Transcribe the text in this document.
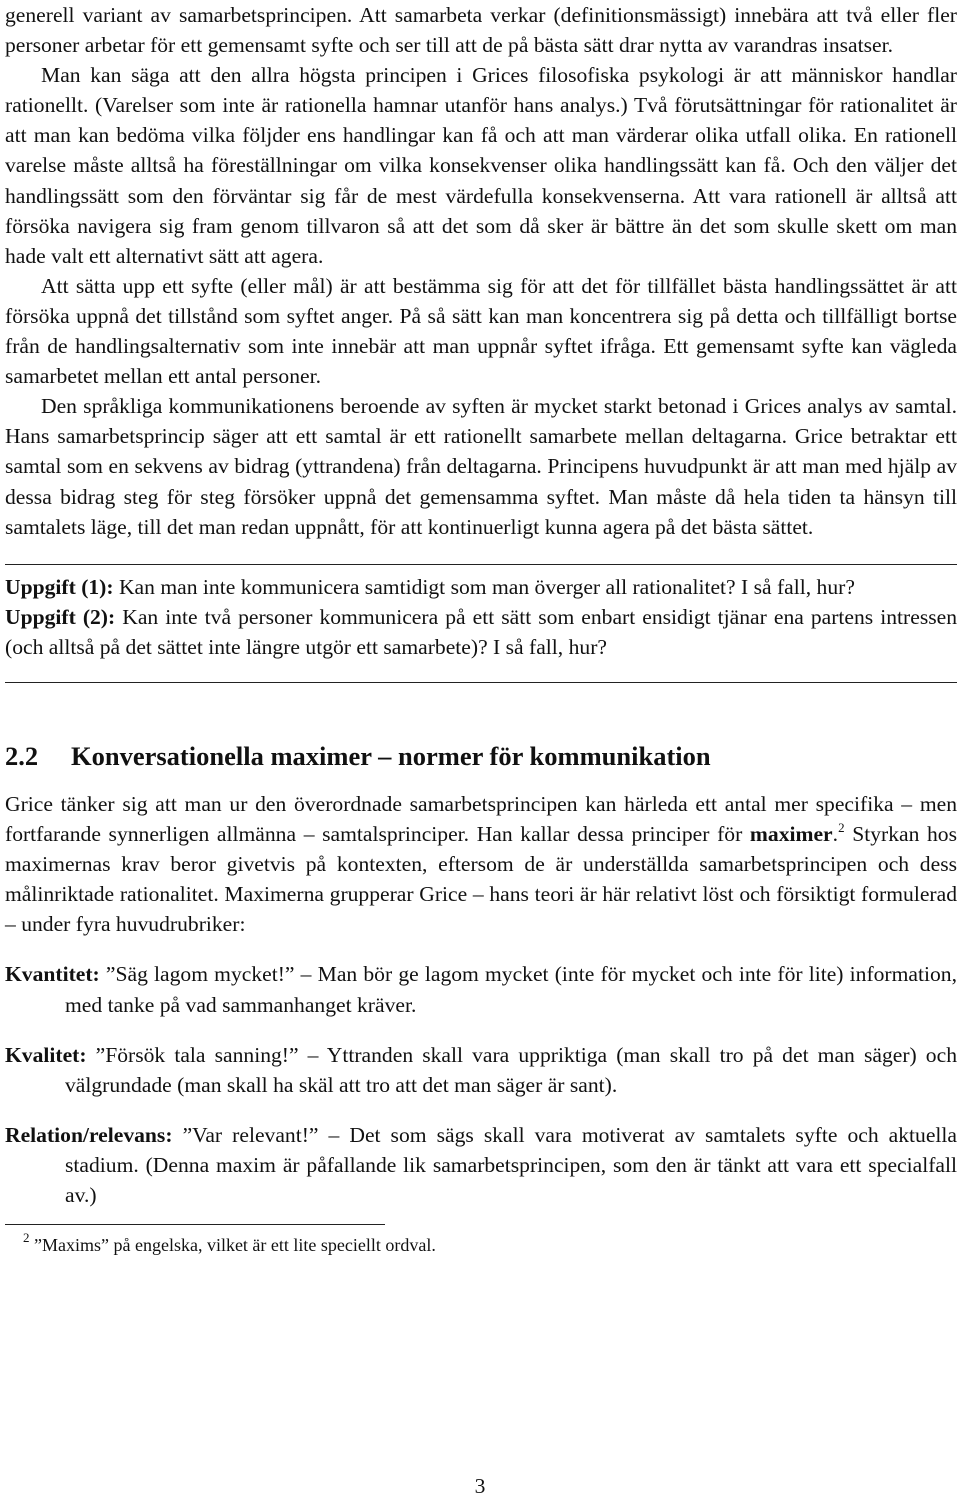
generell variant av samarbetsprincipen. Att samarbeta verkar (definitionsmässigt) innebära att två eller fler personer arbetar för ett gemensamt syfte och ser till att de på bästa sätt drar nytta av varandras insatser.

Man kan säga att den allra högsta principen i Grices filosofiska psykologi är att människor handlar rationellt. (Varelser som inte är rationella hamnar utanför hans analys.) Två förutsättningar för rationalitet är att man kan bedöma vilka följder ens handlingar kan få och att man värderar olika utfall olika. En rationell varelse måste alltså ha föreställningar om vilka konsekvenser olika handlingssätt kan få. Och den väljer det handlingssätt som den förväntar sig får de mest värdefulla konsekvenserna. Att vara rationell är alltså att försöka navigera sig fram genom tillvaron så att det som då sker är bättre än det som skulle skett om man hade valt ett alternativt sätt att agera.

Att sätta upp ett syfte (eller mål) är att bestämma sig för att det för tillfället bästa handlingssättet är att försöka uppnå det tillstånd som syftet anger. På så sätt kan man koncentrera sig på detta och tillfälligt bortse från de handlingsalternativ som inte innebär att man uppnår syftet ifråga. Ett gemensamt syfte kan vägleda samarbetet mellan ett antal personer.

Den språkliga kommunikationens beroende av syften är mycket starkt betonad i Grices analys av samtal. Hans samarbetsprincip säger att ett samtal är ett rationellt samarbete mellan deltagarna. Grice betraktar ett samtal som en sekvens av bidrag (yttrandena) från deltagarna. Principens huvudpunkt är att man med hjälp av dessa bidrag steg för steg försöker uppnå det gemensamma syftet. Man måste då hela tiden ta hänsyn till samtalets läge, till det man redan uppnått, för att kontinuerligt kunna agera på det bästa sättet.

Uppgift (1): Kan man inte kommunicera samtidigt som man överger all rationalitet? I så fall, hur?

Uppgift (2): Kan inte två personer kommunicera på ett sätt som enbart ensidigt tjänar ena partens intressen (och alltså på det sättet inte längre utgör ett samarbete)? I så fall, hur?

2.2 Konversationella maximer – normer för kommunikation

Grice tänker sig att man ur den överordnade samarbetsprincipen kan härleda ett antal mer specifika – men fortfarande synnerligen allmänna – samtalsprinciper. Han kallar dessa principer för maximer.$^2$ Styrkan hos maximernas krav beror givetvis på kontexten, eftersom de är underställda samarbetsprincipen och dess målinriktade rationalitet. Maximerna grupperar Grice – hans teori är här relativt löst och försiktigt formulerad – under fyra huvudrubriker:

Kvantitet: ”Säg lagom mycket!” – Man bör ge lagom mycket (inte för mycket och inte för lite) information, med tanke på vad sammanhanget kräver.

Kvalitet: ”Försök tala sanning!” – Yttranden skall vara uppriktiga (man skall tro på det man säger) och välgrundade (man skall ha skäl att tro att det man säger är sant).

Relation/relevans: ”Var relevant!” – Det som sägs skall vara motiverat av samtalets syfte och aktuella stadium. (Denna maxim är påfallande lik samarbetsprincipen, som den är tänkt att vara ett specialfall av.)

$^2$ ”Maxims” på engelska, vilket är ett lite speciellt ordval.

3
